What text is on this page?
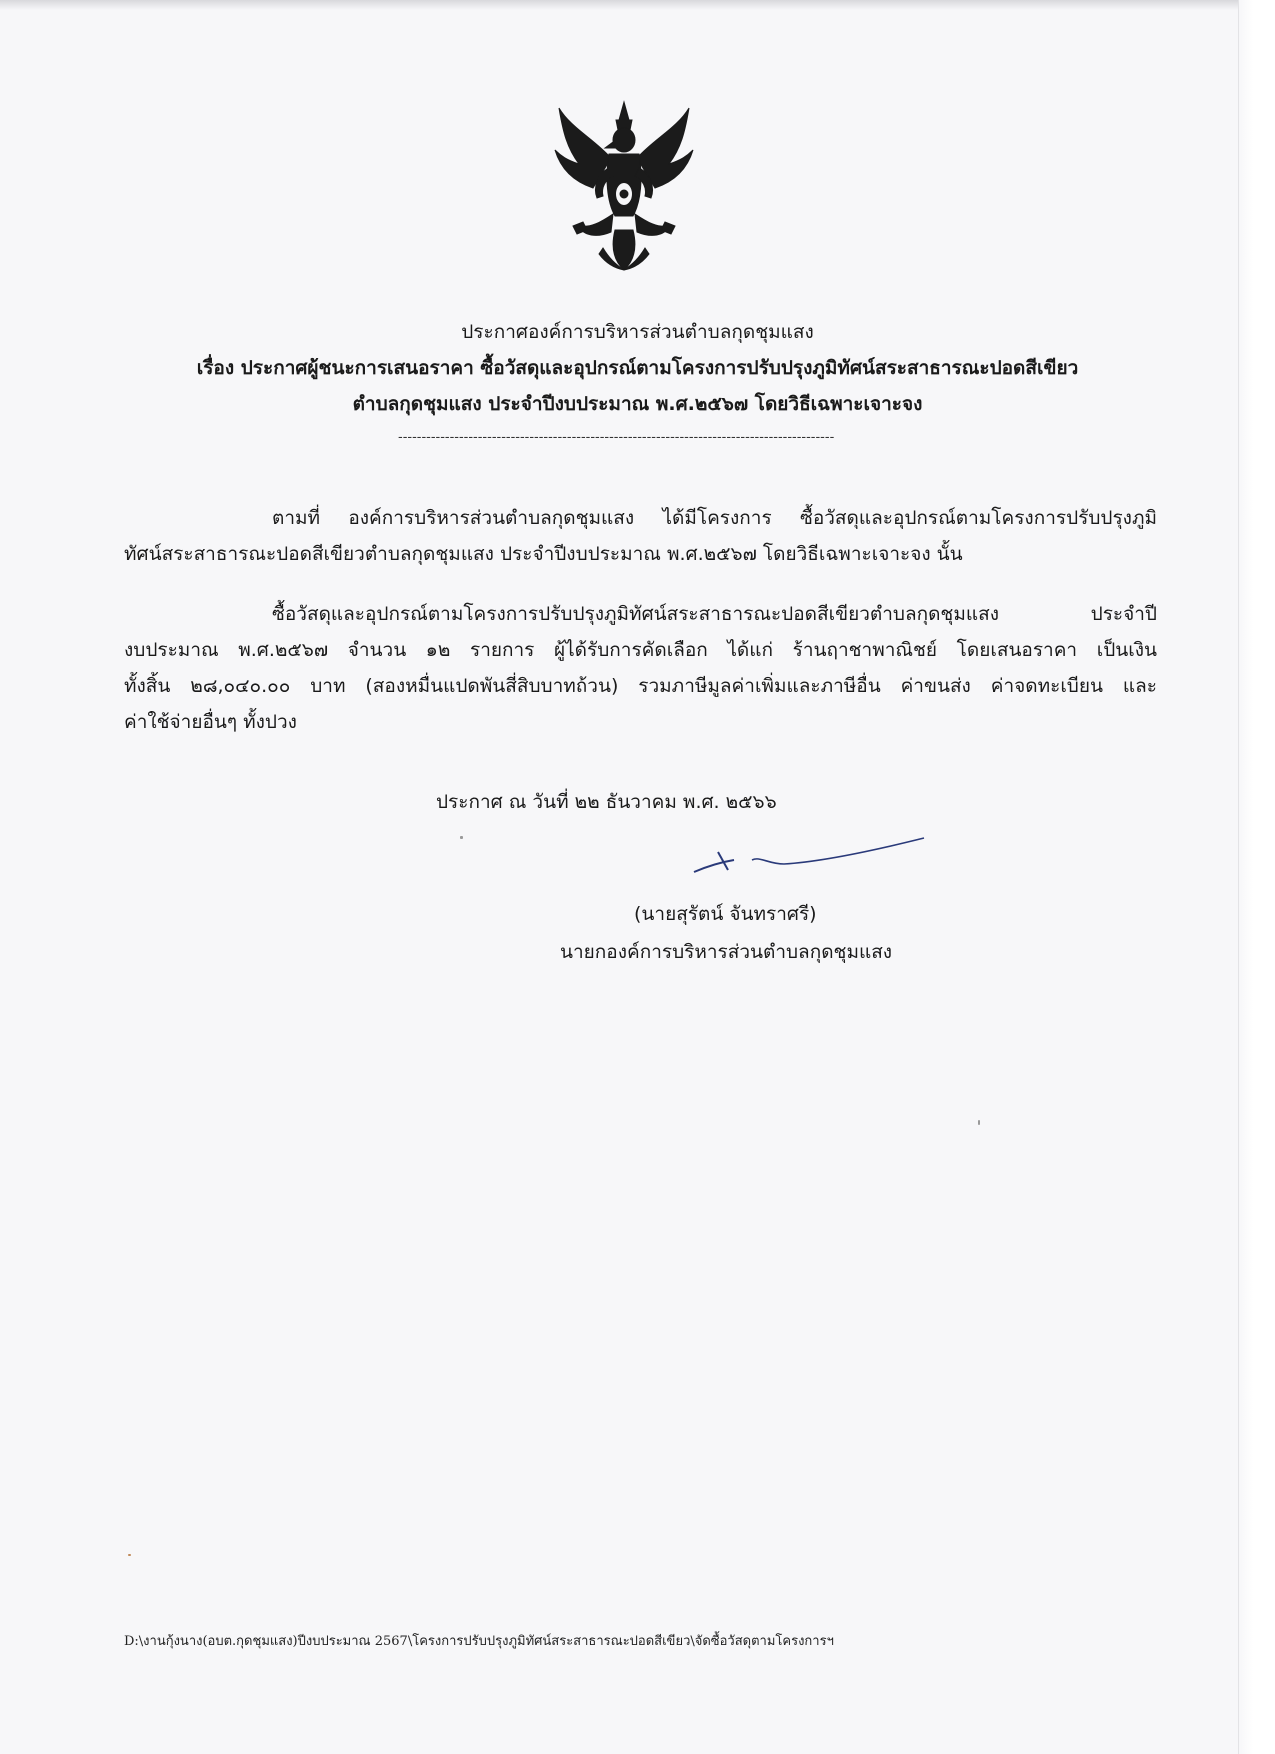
ประกาศองค์การบริหารส่วนตำบลกุดชุมแสง
เรื่อง ประกาศผู้ชนะการเสนอราคา ซื้อวัสดุและอุปกรณ์ตามโครงการปรับปรุงภูมิทัศน์สระสาธารณะปอดสีเขียว
ตำบลกุดชุมแสง ประจำปีงบประมาณ พ.ศ.๒๕๖๗ โดยวิธีเฉพาะเจาะจง
---------------------------------------------------------------------------------------------
ตามที่ องค์การบริหารส่วนตำบลกุดชุมแสง ได้มีโครงการ ซื้อวัสดุและอุปกรณ์ตามโครงการปรับปรุงภูมิ
ทัศน์สระสาธารณะปอดสีเขียวตำบลกุดชุมแสง ประจำปีงบประมาณ พ.ศ.๒๕๖๗ โดยวิธีเฉพาะเจาะจง นั้น
ซื้อวัสดุและอุปกรณ์ตามโครงการปรับปรุงภูมิทัศน์สระสาธารณะปอดสีเขียวตำบลกุดชุมแสง ประจำปี
งบประมาณ พ.ศ.๒๕๖๗ จำนวน ๑๒ รายการ ผู้ได้รับการคัดเลือก ได้แก่ ร้านฤาชาพาณิชย์ โดยเสนอราคา เป็นเงิน
ทั้งสิ้น ๒๘,๐๔๐.๐๐ บาท (สองหมื่นแปดพันสี่สิบบาทถ้วน) รวมภาษีมูลค่าเพิ่มและภาษีอื่น ค่าขนส่ง ค่าจดทะเบียน และ
ค่าใช้จ่ายอื่นๆ ทั้งปวง
ประกาศ ณ วันที่ ๒๒ ธันวาคม พ.ศ. ๒๕๖๖
(นายสุรัตน์ จันทราศรี)
นายกองค์การบริหารส่วนตำบลกุดชุมแสง
D:\งานกุ้งนาง(อบต.กุดชุมแสง)ปีงบประมาณ 2567\โครงการปรับปรุงภูมิทัศน์สระสาธารณะปอดสีเขียว\จัดซื้อวัสดุตามโครงการฯ
